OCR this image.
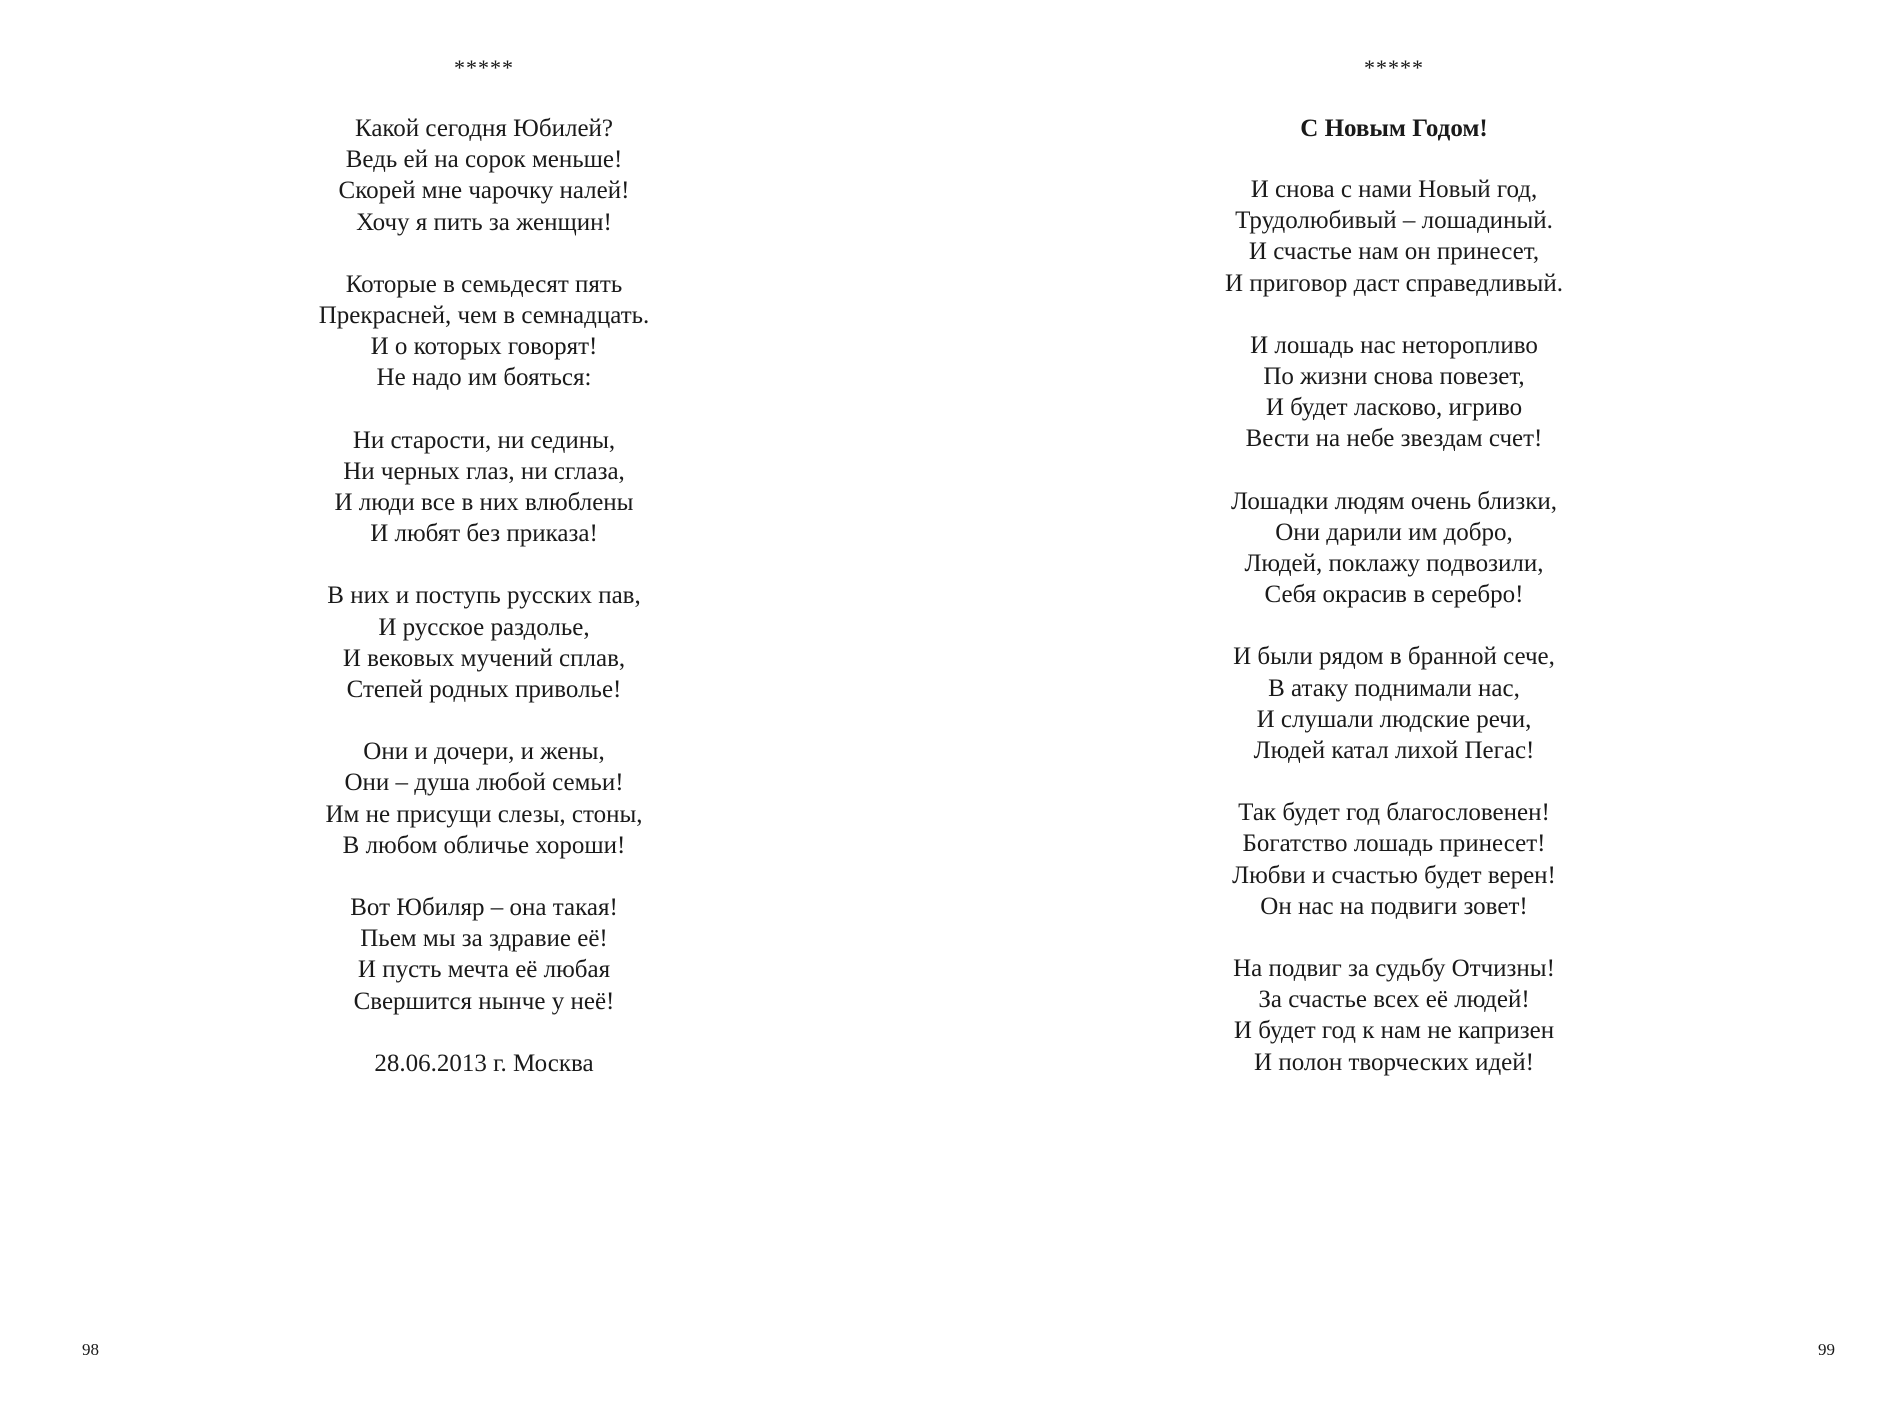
*****
Какой сегодня Юбилей?
Ведь ей на сорок меньше!
Скорей мне чарочку налей!
Хочу я пить за женщин!
Которые в семьдесят пять
Прекрасней, чем в семнадцать.
И о которых говорят!
Не надо им бояться:
Ни старости, ни седины,
Ни черных глаз, ни сглаза,
И люди все в них влюблены
И любят без приказа!
В них и поступь русских пав,
И русское раздолье,
И вековых мучений сплав,
Степей родных приволье!
Они и дочери, и жены,
Они – душа любой семьи!
Им не присущи слезы, стоны,
В любом обличье хороши!
Вот Юбиляр – она такая!
Пьем мы за здравие её!
И пусть мечта её любая
Свершится нынче у неё!
28.06.2013 г. Москва
98
*****
С Новым Годом!
И снова с нами Новый год,
Трудолюбивый – лошадиный.
И счастье нам он принесет,
И приговор даст справедливый.
И лошадь нас неторопливо
По жизни снова повезет,
И будет ласково, игриво
Вести на небе звездам счет!
Лошадки людям очень близки,
Они дарили им добро,
Людей, поклажу подвозили,
Себя окрасив в серебро!
И были рядом в бранной сече,
В атаку поднимали нас,
И слушали людские речи,
Людей катал лихой Пегас!
Так будет год благословенен!
Богатство лошадь принесет!
Любви и счастью будет верен!
Он нас на подвиги зовет!
На подвиг за судьбу Отчизны!
За счастье всех её людей!
И будет год к нам не капризен
И полон творческих идей!
99
